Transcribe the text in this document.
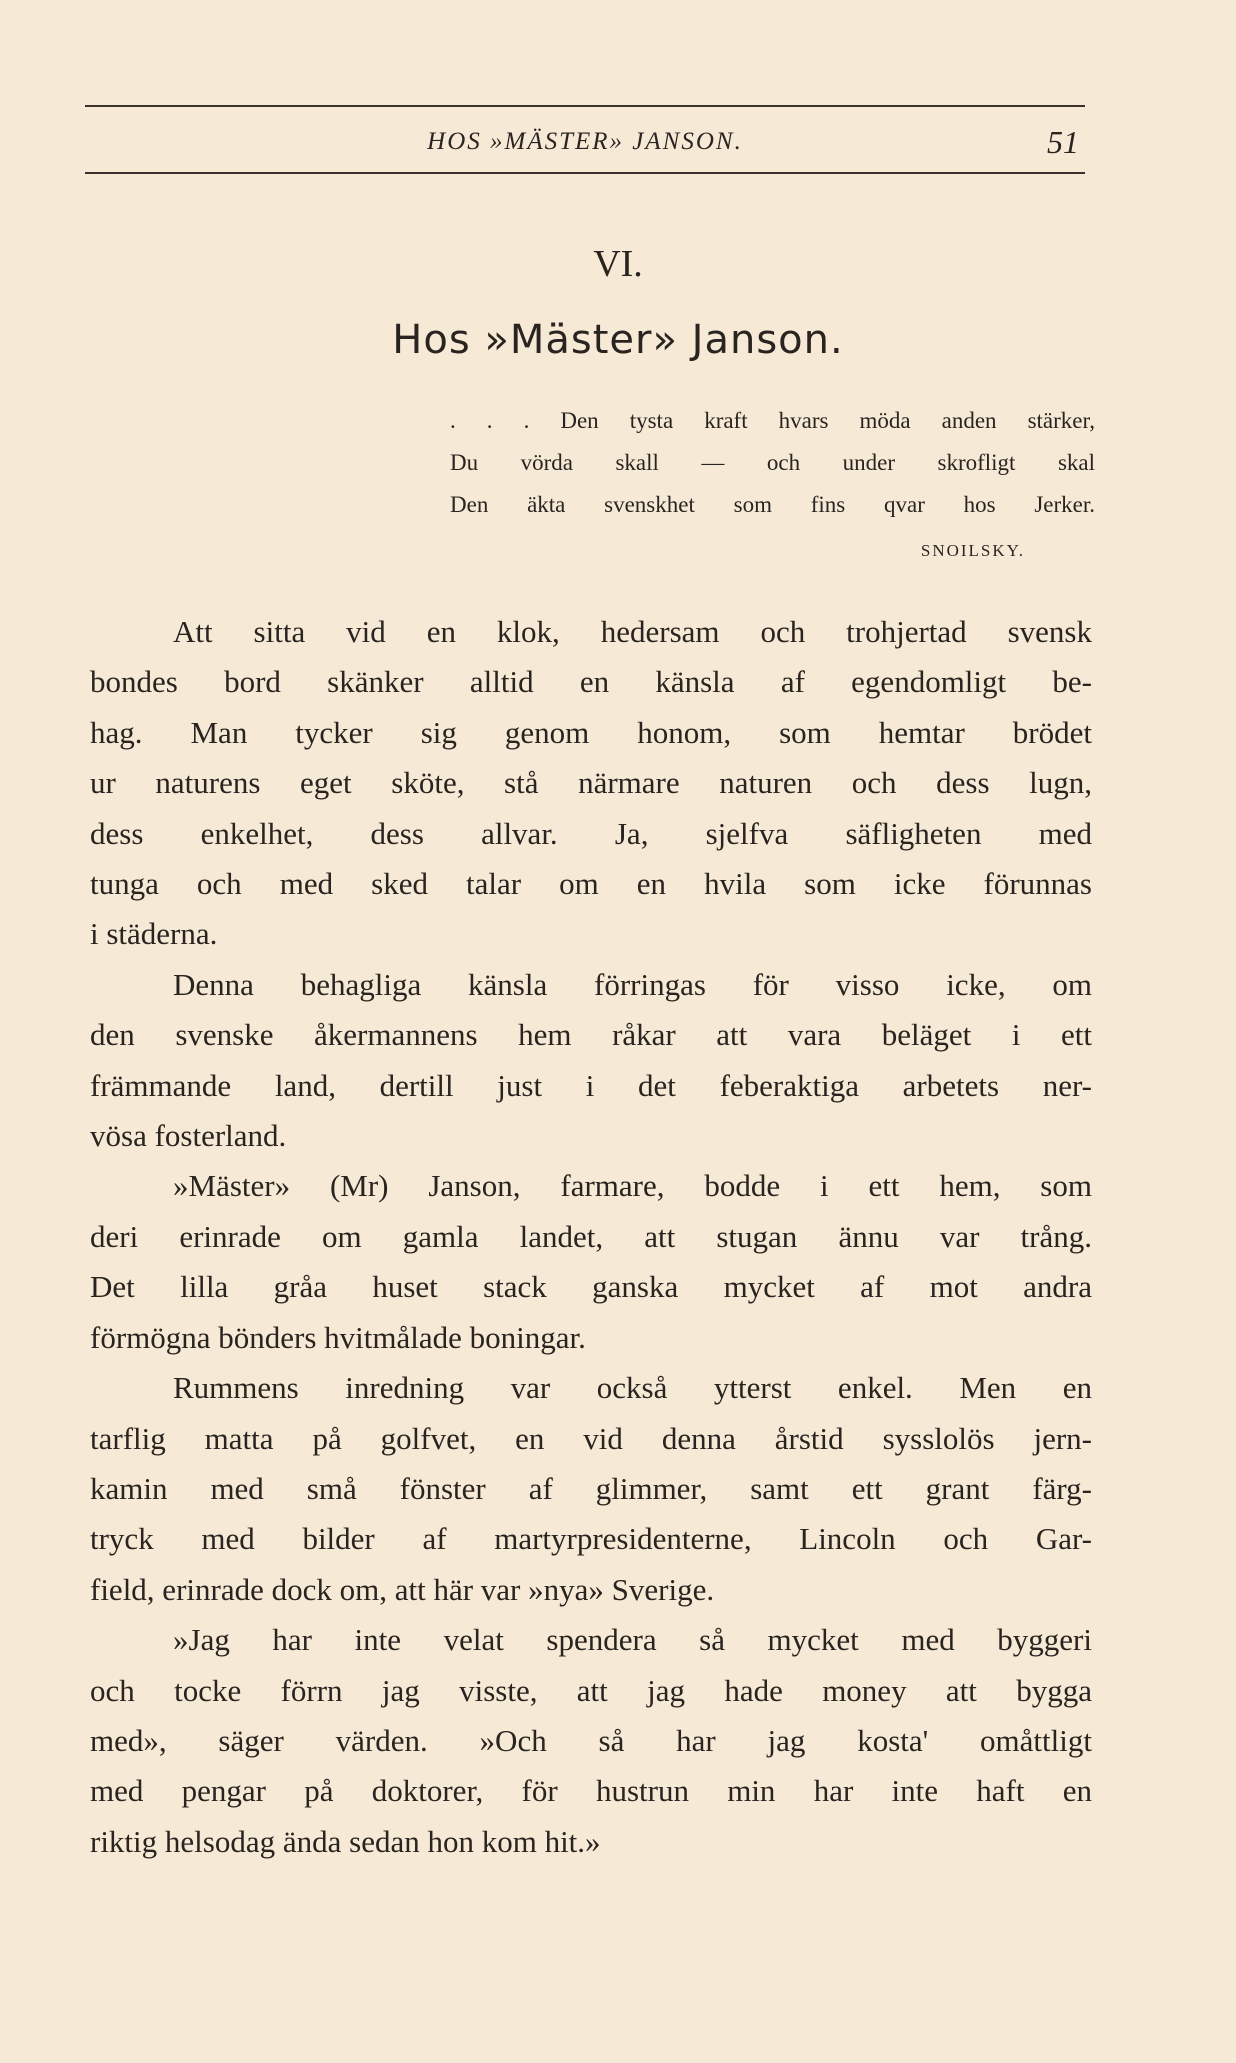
HOS »MÄSTER» JANSON.	51
VI.
Hos »Mäster» Janson.
. . . Den tysta kraft hvars möda anden stärker,
Du vörda skall — och under skrofligt skal
Den äkta svenskhet som fins qvar hos Jerker.
SNOILSKY.
Att sitta vid en klok, hedersam och trohjertad svensk
bondes bord skänker alltid en känsla af egendomligt be-
hag. Man tycker sig genom honom, som hemtar brödet
ur naturens eget sköte, stå närmare naturen och dess lugn,
dess enkelhet, dess allvar. Ja, sjelfva säfligheten med
tunga och med sked talar om en hvila som icke förunnas
i städerna.
Denna behagliga känsla förringas för visso icke, om
den svenske åkermannens hem råkar att vara beläget i ett
främmande land, dertill just i det feberaktiga arbetets ner-
vösa fosterland.
»Mäster» (Mr) Janson, farmare, bodde i ett hem, som
deri erinrade om gamla landet, att stugan ännu var trång.
Det lilla gråa huset stack ganska mycket af mot andra
förmögna bönders hvitmålade boningar.
Rummens inredning var också ytterst enkel. Men en
tarflig matta på golfvet, en vid denna årstid sysslolös jern-
kamin med små fönster af glimmer, samt ett grant färg-
tryck med bilder af martyrpresidenterne, Lincoln och Gar-
field, erinrade dock om, att här var »nya» Sverige.
»Jag har inte velat spendera så mycket med byggeri
och tocke förrn jag visste, att jag hade money att bygga
med», säger värden. »Och så har jag kosta' omåttligt
med pengar på doktorer, för hustrun min har inte haft en
riktig helsodag ända sedan hon kom hit.»
